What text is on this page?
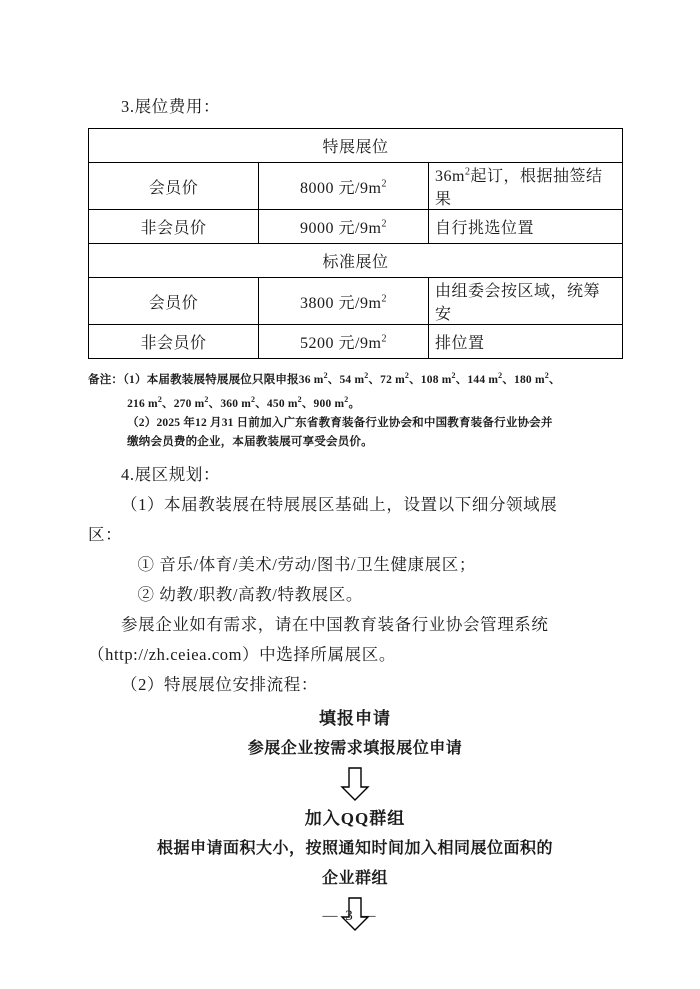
3.展位费用：

特展展位		
会员价	8000 元$/9m^2$	$36m^2$起订，根据抽签结果
非会员价	9000 元$/9m^2$	自行挑选位置
标准展位		
会员价	3800 元$/9m^2$	由组委会按区域，统筹安
非会员价	5200 元$/9m^2$	排位置
备注：（1）本届教装展特展展位只限申报36 $m^2$、54 $m^2$、72 $m^2$、108 $m^2$、144 $m^2$、180 $m^2$、
216 $m^2$、270 $m^2$、360 $m^2$、450 $m^2$、900 $m^2$。
（2）2025 年12 月31 日前加入广东省教育装备行业协会和中国教育装备行业协会并
缴纳会员费的企业，本届教装展可享受会员价。

4.展区规划：

（1）本届教装展在特展展区基础上，设置以下细分领域展

区：

① 音乐/体育/美术/劳动/图书/卫生健康展区；

② 幼教/职教/高教/特教展区。

参展企业如有需求，请在中国教育装备行业协会管理系统

（http://zh.ceiea.com）中选择所属展区。

（2）特展展位安排流程：

填报申请
参展企业按需求填报展位申请
加入QQ群组
根据申请面积大小，按照通知时间加入相同展位面积的
企业群组
— 3 —
